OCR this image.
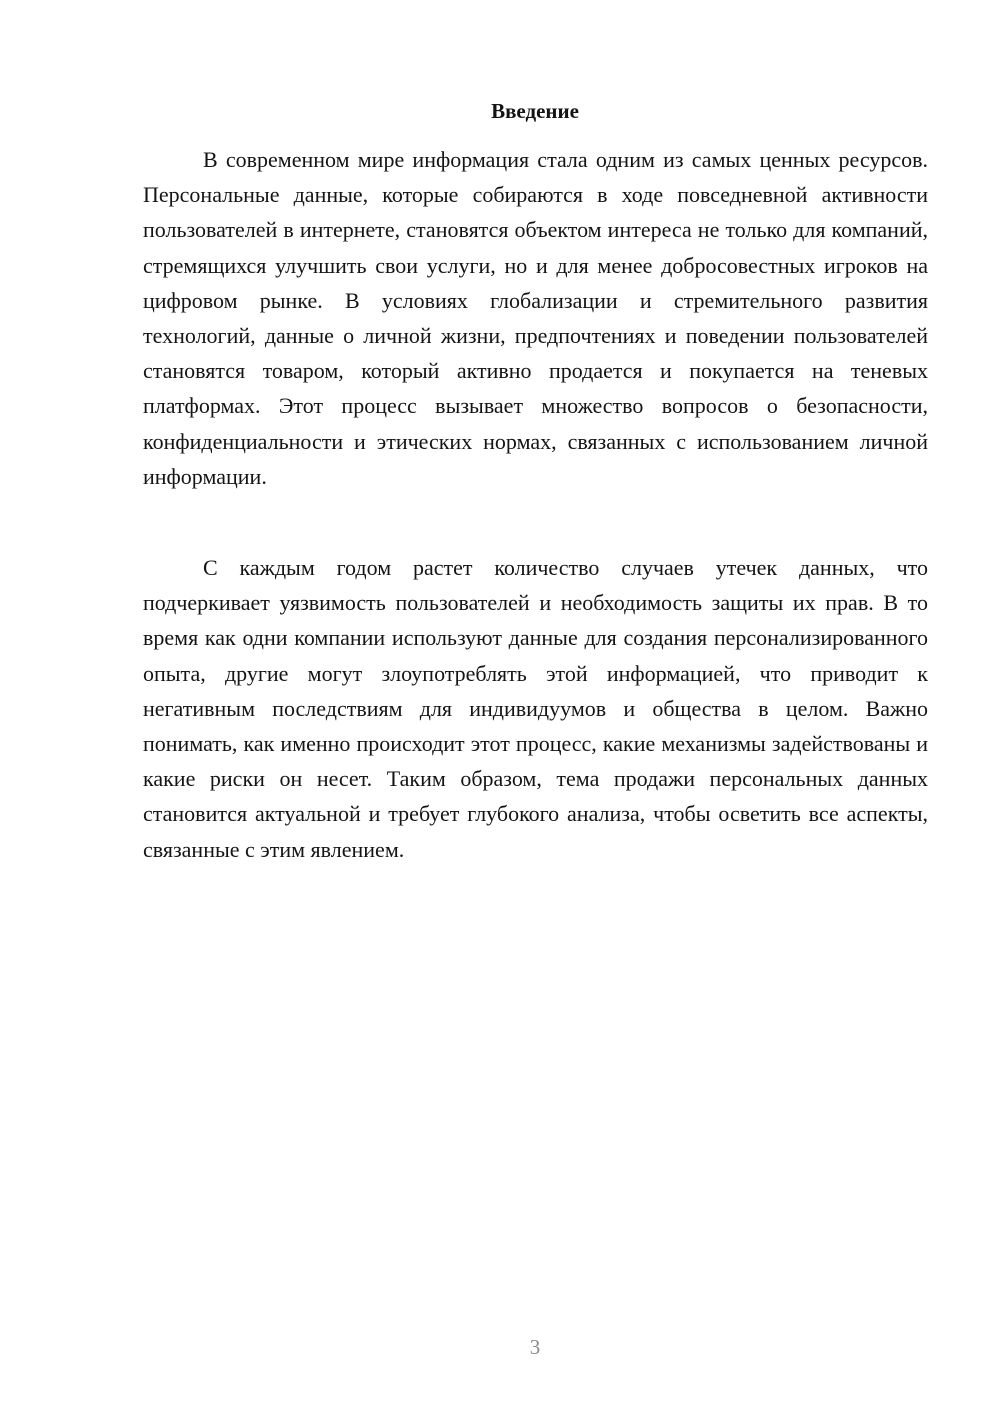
Введение

В современном мире информация стала одним из самых ценных ресурсов. Персональные данные, которые собираются в ходе повседневной активности пользователей в интернете, становятся объектом интереса не только для компаний, стремящихся улучшить свои услуги, но и для менее добросовестных игроков на цифровом рынке. В условиях глобализации и стремительного развития технологий, данные о личной жизни, предпочтениях и поведении пользователей становятся товаром, который активно продается и покупается на теневых платформах. Этот процесс вызывает множество вопросов о безопасности, конфиденциальности и этических нормах, связанных с использованием личной информации.

С каждым годом растет количество случаев утечек данных, что подчеркивает уязвимость пользователей и необходимость защиты их прав. В то время как одни компании используют данные для создания персонализированного опыта, другие могут злоупотреблять этой информацией, что приводит к негативным последствиям для индивидуумов и общества в целом. Важно понимать, как именно происходит этот процесс, какие механизмы задействованы и какие риски он несет. Таким образом, тема продажи персональных данных становится актуальной и требует глубокого анализа, чтобы осветить все аспекты, связанные с этим явлением.

3
